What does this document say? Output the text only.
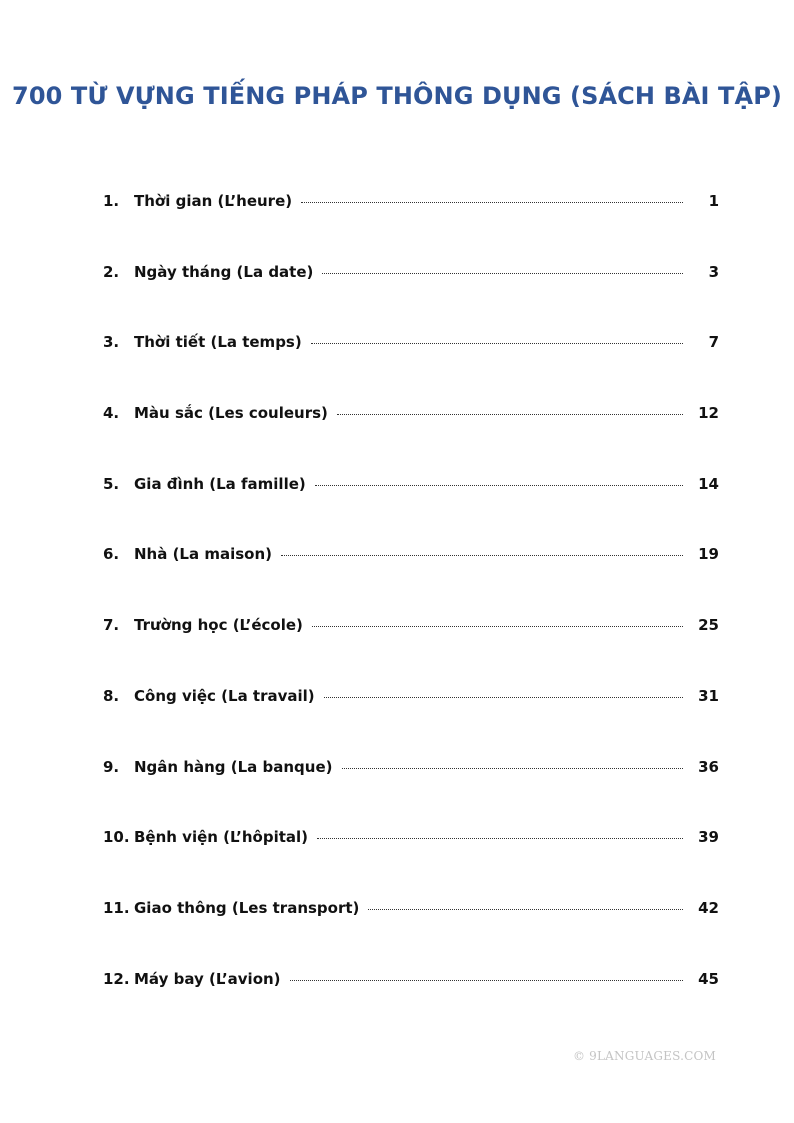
700 TỪ VỰNG TIẾNG PHÁP THÔNG DỤNG (SÁCH BÀI TẬP)
1. Thời gian (L’heure)	1
2. Ngày tháng (La date)	3
3. Thời tiết (La temps)	7
4. Màu sắc (Les couleurs)	12
5. Gia đình (La famille)	14
6. Nhà (La maison)	19
7. Trường học (L’école)	25
8. Công việc (La travail)	31
9. Ngân hàng (La banque)	36
10. Bệnh viện (L’hôpital)	39
11. Giao thông (Les transport)	42
12. Máy bay (L’avion)	45
© 9LANGUAGES.COM
